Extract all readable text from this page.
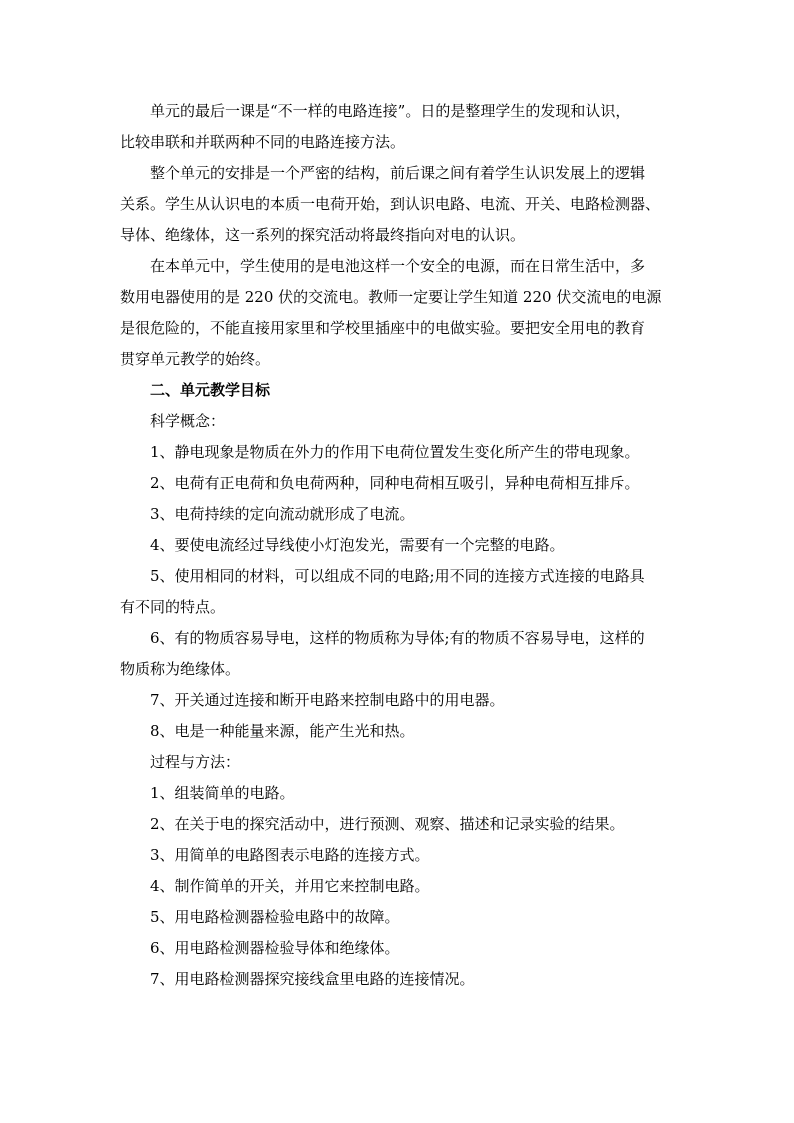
单元的最后一课是“不一样的电路连接”。日的是整理学生的发现和认识，
比较串联和并联两种不同的电路连接方法。

整个单元的安排是一个严密的结构，前后课之间有着学生认识发展上的逻辑
关系。学生从认识电的本质一电荷开始，到认识电路、电流、开关、电路检测器、
导体、绝缘体，这一系列的探究活动将最终指向对电的认识。

在本单元中，学生使用的是电池这样一个安全的电源，而在日常生活中，多
数用电器使用的是 220 伏的交流电。教师一定要让学生知道 220 伏交流电的电源
是很危险的，不能直接用家里和学校里插座中的电做实验。要把安全用电的教育
贯穿单元教学的始终。

二、单元教学目标

科学概念：

1、静电现象是物质在外力的作用下电荷位置发生变化所产生的带电现象。

2、电荷有正电荷和负电荷两种，同种电荷相互吸引，异种电荷相互排斥。

3、电荷持续的定向流动就形成了电流。

4、要使电流经过导线使小灯泡发光，需要有一个完整的电路。

5、使用相同的材料，可以组成不同的电路;用不同的连接方式连接的电路具
有不同的特点。

6、有的物质容易导电，这样的物质称为导体;有的物质不容易导电，这样的
物质称为绝缘体。

7、开关通过连接和断开电路来控制电路中的用电器。

8、电是一种能量来源，能产生光和热。

过程与方法：

1、组装简单的电路。

2、在关于电的探究活动中，进行预测、观察、描述和记录实验的结果。

3、用简单的电路图表示电路的连接方式。

4、制作简单的开关，并用它来控制电路。

5、用电路检测器检验电路中的故障。

6、用电路检测器检验导体和绝缘体。

7、用电路检测器探究接线盒里电路的连接情况。
